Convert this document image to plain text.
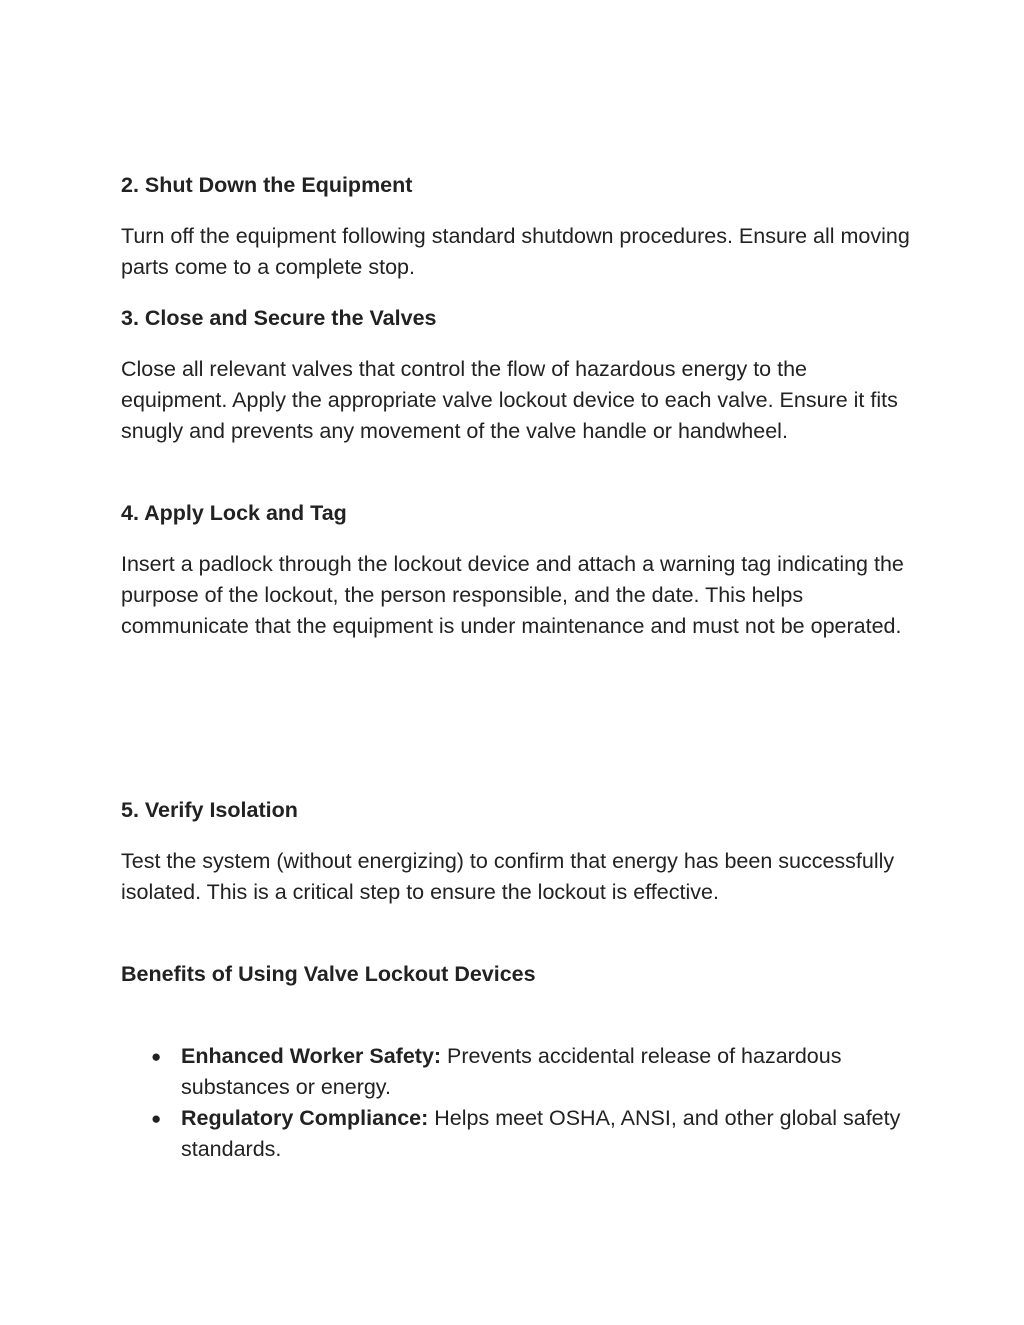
2. Shut Down the Equipment

Turn off the equipment following standard shutdown procedures. Ensure all moving parts come to a complete stop.

3. Close and Secure the Valves

Close all relevant valves that control the flow of hazardous energy to the equipment. Apply the appropriate valve lockout device to each valve. Ensure it fits snugly and prevents any movement of the valve handle or handwheel.

4. Apply Lock and Tag

Insert a padlock through the lockout device and attach a warning tag indicating the purpose of the lockout, the person responsible, and the date. This helps communicate that the equipment is under maintenance and must not be operated.

5. Verify Isolation

Test the system (without energizing) to confirm that energy has been successfully isolated. This is a critical step to ensure the lockout is effective.

Benefits of Using Valve Lockout Devices

● Enhanced Worker Safety: Prevents accidental release of hazardous substances or energy.
● Regulatory Compliance: Helps meet OSHA, ANSI, and other global safety standards.
